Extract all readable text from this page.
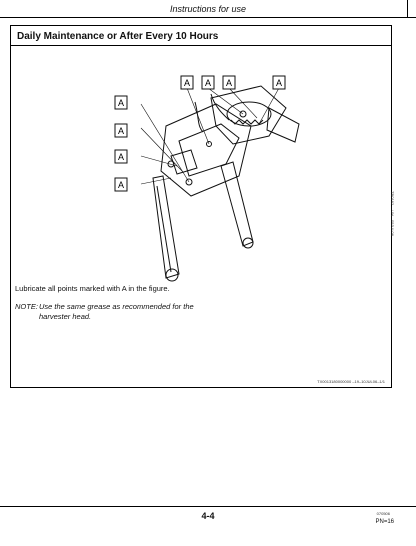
Instructions for use
Daily Maintenance or After Every 10 Hours
A
A
A
A
A A A	A
TB0162 —UN—05JUL06
Lubricate all points marked with A in the figure.
NOTE:Use the same grease as recommended for the
harvester head.
TX0013180000000 –19–10JUL06–1/1
4-4	070506
PN=16
